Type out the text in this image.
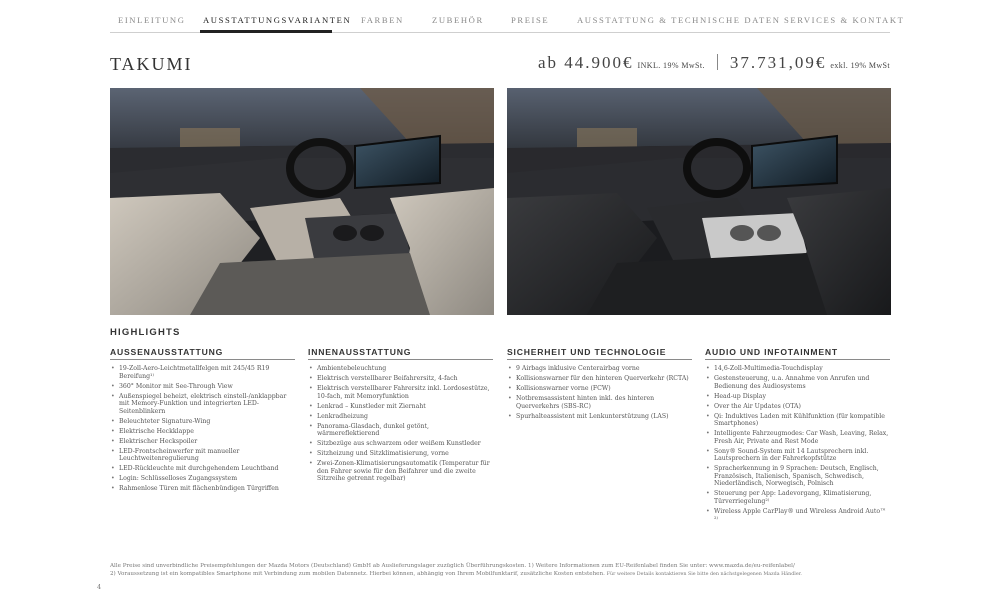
EINLEITUNG AUSSTATTUNGSVARIANTEN FARBEN	ZUBEHÖR	PREISE	AUSSTATTUNG & TECHNISCHE DATEN SERVICES & KONTAKT
TAKUMI	ab 44.900€ INKL. 19% MwSt. 37.731,09€ exkl. 19% MwSt
HIGHLIGHTS
AUSSENAUSSTATTUNG
• 19-Zoll-Aero-Leichtmetallfelgen mit 245/45 R19 Bereifung¹⁾
• 360° Monitor mit See-Through View
• Außenspiegel beheizt, elektrisch einstell-/anklappbar mit Memory-Funktion und integrierten LED-Seitenblinkern
• Beleuchteter Signature-Wing
• Elektrische Heckklappe
• Elektrischer Heckspoiler
• LED-Frontscheinwerfer mit manueller Leuchtweitenregulierung
• LED-Rückleuchte mit durchgehendem Leuchtband
• Login: Schlüsselloses Zugangssystem
• Rahmenlose Türen mit flächenbündigen Türgriffen
INNENAUSSTATTUNG
• Ambientebeleuchtung
• Elektrisch verstellbarer Beifahrersitz, 4-fach
• Elektrisch verstellbarer Fahrersitz inkl. Lordosestütze, 10-fach, mit Memoryfunktion
• Lenkrad – Kunstleder mit Ziernaht
• Lenkradheizung
• Panorama-Glasdach, dunkel getönt, wärmereflektierend
• Sitzbezüge aus schwarzem oder weißem Kunstleder
• Sitzheizung und Sitzklimatisierung, vorne
• Zwei-Zonen-Klimatisierungsautomatik (Temperatur für den Fahrer sowie für den Beifahrer und die zweite Sitzreihe getrennt regelbar)
SICHERHEIT UND TECHNOLOGIE
• 9 Airbags inklusive Centerairbag vorne
• Kollisionswarner für den hinteren Querverkehr (RCTA)
• Kollisionswarner vorne (FCW)
• Notbremsassistent hinten inkl. des hinteren Querverkehrs (SBS-RC)
• Spurhalteassistent mit Lenkunterstützung (LAS)
AUDIO UND INFOTAINMENT
• 14,6-Zoll-Multimedia-Touchdisplay
• Gestensteuerung, u.a. Annahme von Anrufen und Bedienung des Audiosystems
• Head-up Display
• Over the Air Updates (OTA)
• Qi: Induktives Laden mit Kühlfunktion (für kompatible Smartphones)
• Intelligente Fahrzeugmodes: Car Wash, Leaving, Relax, Fresh Air, Private and Rest Mode
• Sony® Sound-System mit 14 Lautsprechern inkl. Lautsprechern in der Fahrerkopfstütze
• Spracherkennung in 9 Sprachen: Deutsch, Englisch, Französisch, Italienisch, Spanisch, Schwedisch, Niederländisch, Norwegisch, Polnisch
• Steuerung per App: Ladevorgang, Klimatisierung, Türverriegelung²⁾
• Wireless Apple CarPlay® und Wireless Android Auto™ ²⁾
Alle Preise sind unverbindliche Preisempfehlungen der Mazda Motors (Deutschland) GmbH ab Auslieferungslager zuzüglich Überführungskosten. 1) Weitere Informationen zum EU-Reifenlabel finden Sie unter: www.mazda.de/eu-reifenlabel/
2) Voraussetzung ist ein kompatibles Smartphone mit Verbindung zum mobilen Datennetz. Hierbei können, abhängig von Ihrem Mobilfunktarif, zusätzliche Kosten entstehen. Für weitere Details kontaktieren Sie bitte den nächstgelegenen Mazda Händler.
4
